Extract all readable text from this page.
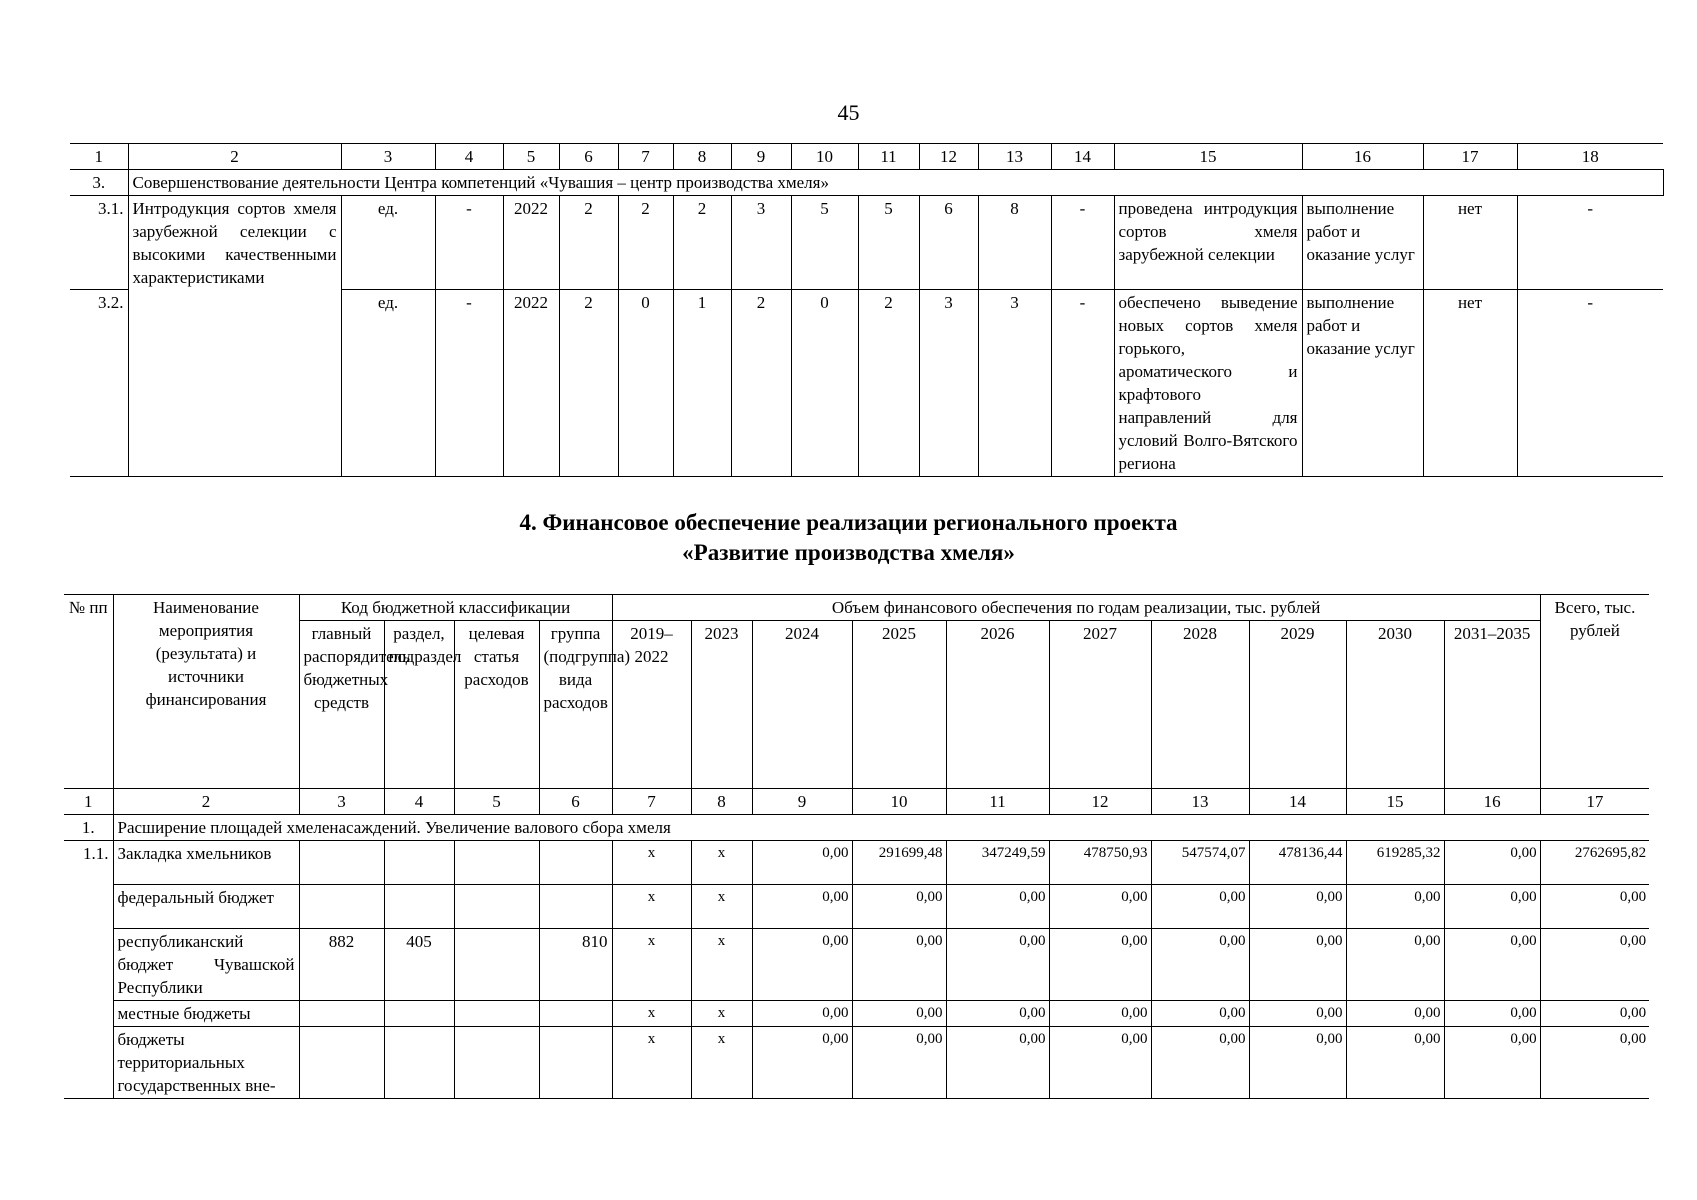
45
1	2	3	4	5	6	7	8	9	10	11	12	13	14	15	16	17	18
3.	Совершенствование деятельности Центра компетенций «Чувашия – центр производства хмеля»																
3.1.	Интродукция сортов хмеля зарубежной селекции с высокими качественными характеристиками	ед.	-	2022	2	2	2	3	5	5	6	8	-	проведена интродукция сортов хмеля зарубежной селекции	выполнение работ и оказание услуг	нет	-
3.2.		ед.	-	2022	2	0	1	2	0	2	3	3	-	обеспечено выведение новых сортов хмеля горького, ароматического и крафтового направлений для условий Волго-Вятского региона	выполнение работ и оказание услуг	нет	-
4. Финансовое обеспечение реализации регионального проекта
«Развитие производства хмеля»
№ пп	Наименование мероприятия (результата) и источники финансирования	Код бюджетной классификации				Объем финансового обеспечения по годам реализации, тыс. рублей										Всего, тыс. рублей
		главный распорядитель бюджетных средств	раздел, подраздел	целевая статья расходов	группа (подгруппа) вида расходов	2019–2022	2023	2024	2025	2026	2027	2028	2029	2030	2031–2035	
1	2	3	4	5	6	7	8	9	10	11	12	13	14	15	16	17
1.	Расширение площадей хмеленасаждений. Увеличение валового сбора хмеля															
1.1.	Закладка хмельников					x	x	0,00	291699,48	347249,59	478750,93	547574,07	478136,44	619285,32	0,00	2762695,82
	федеральный бюджет					x	x	0,00	0,00	0,00	0,00	0,00	0,00	0,00	0,00	0,00
	республиканский бюджет Чувашской Республики	882	405		810	x	x	0,00	0,00	0,00	0,00	0,00	0,00	0,00	0,00	0,00
	местные бюджеты					x	x	0,00	0,00	0,00	0,00	0,00	0,00	0,00	0,00	0,00
	бюджеты территориальных государственных вне-					x	x	0,00	0,00	0,00	0,00	0,00	0,00	0,00	0,00	0,00
